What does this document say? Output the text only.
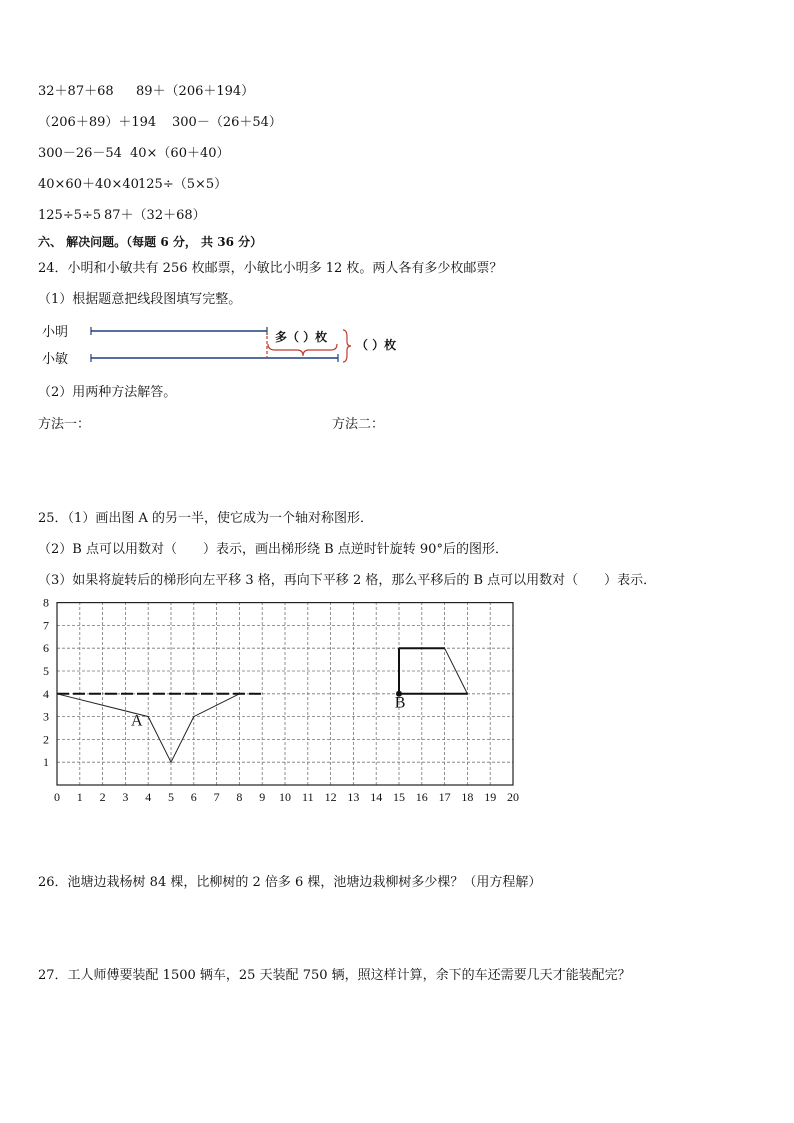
32＋87＋68 89＋（206＋194）
（206＋89）＋194 300－（26＋54）
300－26－54 40×（60＋40）
40×60＋40×40 125÷（5×5）
125÷5÷5 87＋（32＋68）
六、 解决问题。（每题 6 分， 共 36 分）
24．小明和小敏共有 256 枚邮票，小敏比小明多 12 枚。两人各有多少枚邮票？
（1）根据题意把线段图填写完整。
小明
小敏
多（ ）枚
（ ）枚
（2）用两种方法解答。
方法一：	方法二：
25．（1）画出图 A 的另一半，使它成为一个轴对称图形．
（2）B 点可以用数对（　　）表示，画出梯形绕 B 点逆时针旋转 90°后的图形．
（3）如果将旋转后的梯形向左平移 3 格，再向下平移 2 格，那么平移后的 B 点可以用数对（　　）表示．
0 1 2 3 4 5 6 7 8 9 10 11 12 13 14 15 16 17 18 19 20
1
2
3
4
5
6
7
8
A
B
26．池塘边栽杨树 84 棵，比柳树的 2 倍多 6 棵，池塘边栽柳树多少棵？（用方程解）
27．工人师傅要装配 1500 辆车，25 天装配 750 辆，照这样计算，余下的车还需要几天才能装配完？
